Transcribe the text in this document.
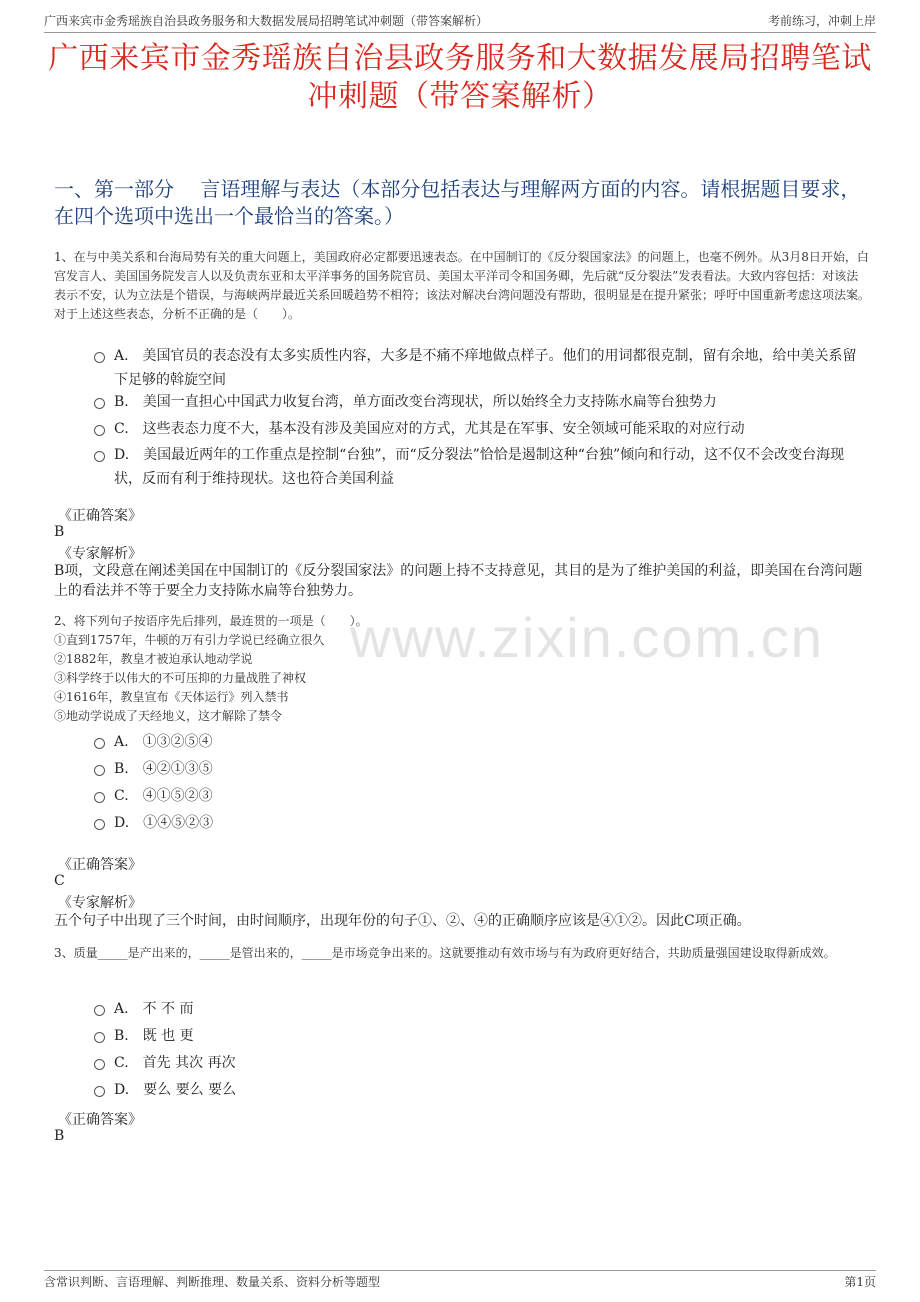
广西来宾市金秀瑶族自治县政务服务和大数据发展局招聘笔试冲刺题（带答案解析）	考前练习，冲刺上岸
广西来宾市金秀瑶族自治县政务服务和大数据发展局招聘笔试冲刺题（带答案解析）
一、第一部分　 言语理解与表达（本部分包括表达与理解两方面的内容。请根据题目要求，在四个选项中选出一个最恰当的答案。）
www.zixin.com.cn
1、在与中美关系和台海局势有关的重大问题上，美国政府必定都要迅速表态。在中国制订的《反分裂国家法》的问题上，也毫不例外。从3月8日开始，白宫发言人、美国国务院发言人以及负责东亚和太平洋事务的国务院官员、美国太平洋司令和国务卿，先后就“反分裂法”发表看法。大致内容包括：对该法表示不安，认为立法是个错误，与海峡两岸最近关系回暖趋势不相符；该法对解决台湾问题没有帮助，很明显是在提升紧张；呼吁中国重新考虑这项法案。
对于上述这些表态，分析不正确的是（　　）。
A.　美国官员的表态没有太多实质性内容，大多是不痛不痒地做点样子。他们的用词都很克制，留有余地，给中美关系留下足够的斡旋空间
B.　美国一直担心中国武力收复台湾，单方面改变台湾现状，所以始终全力支持陈水扁等台独势力
C.　这些表态力度不大，基本没有涉及美国应对的方式，尤其是在军事、安全领域可能采取的对应行动
D.　美国最近两年的工作重点是控制“台独”，而“反分裂法”恰恰是遏制这种“台独”倾向和行动，这不仅不会改变台海现状，反而有利于维持现状。这也符合美国利益
《正确答案》
B
《专家解析》
B项，文段意在阐述美国在中国制订的《反分裂国家法》的问题上持不支持意见，其目的是为了维护美国的利益，即美国在台湾问题上的看法并不等于要全力支持陈水扁等台独势力。
2、将下列句子按语序先后排列，最连贯的一项是（　　）。
①直到1757年，牛顿的万有引力学说已经确立很久
②1882年，教皇才被迫承认地动学说
③科学终于以伟大的不可压抑的力量战胜了神权
④1616年，教皇宣布《天体运行》列入禁书
⑤地动学说成了天经地义，这才解除了禁令
A.　①③②⑤④
B.　④②①③⑤
C.　④①⑤②③
D.　①④⑤②③
《正确答案》
C
《专家解析》
五个句子中出现了三个时间，由时间顺序，出现年份的句子①、②、④的正确顺序应该是④①②。因此C项正确。
3、质量_____是产出来的，_____是管出来的，_____是市场竞争出来的。这就要推动有效市场与有为政府更好结合，共助质量强国建设取得新成效。
A.　不 不 而
B.　既 也 更
C.　首先 其次 再次
D.　要么 要么 要么
《正确答案》
B
含常识判断、言语理解、判断推理、数量关系、资料分析等题型	第1页
